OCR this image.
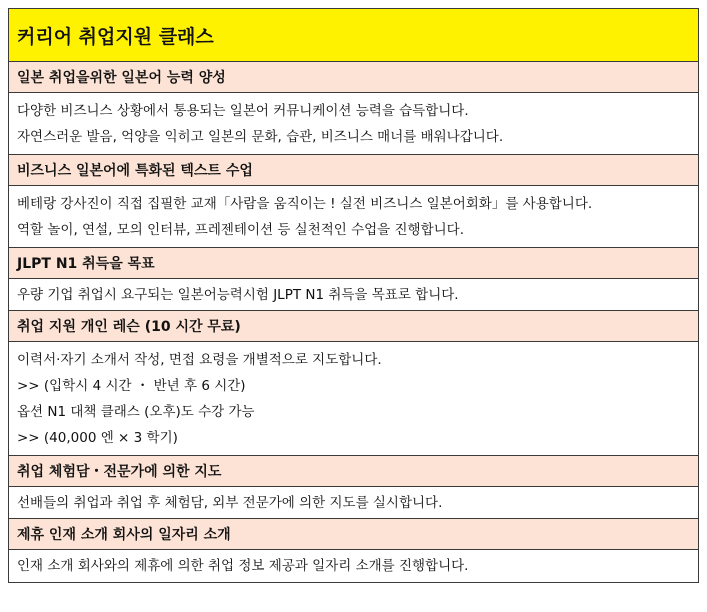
커리어 취업지원 클래스
일본 취업을위한 일본어 능력 양성
다양한 비즈니스 상황에서 통용되는 일본어 커뮤니케이션 능력을 습득합니다.
자연스러운 발음, 억양을 익히고 일본의 문화, 습관, 비즈니스 매너를 배워나갑니다.
비즈니스 일본어에 특화된 텍스트 수업
베테랑 강사진이 직접 집필한 교재「사람을 움직이는 ! 실전 비즈니스 일본어회화」를 사용합니다.
역할 놀이, 연설, 모의 인터뷰, 프레젠테이션 등 실천적인 수업을 진행합니다.
JLPT N1 취득을 목표
우량 기업 취업시 요구되는 일본어능력시험 JLPT N1 취득을 목표로 합니다.
취업 지원 개인 레슨 (10 시간 무료)
이력서·자기 소개서 작성, 면접 요령을 개별적으로 지도합니다.
>> (입학시 4 시간 ・ 반년 후 6 시간)
옵션 N1 대책 클래스 (오후)도 수강 가능
>> (40,000 엔 × 3 학기)
취업 체험담・전문가에 의한 지도
선배들의 취업과 취업 후 체험담, 외부 전문가에 의한 지도를 실시합니다.
제휴 인재 소개 회사의 일자리 소개
인재 소개 회사와의 제휴에 의한 취업 정보 제공과 일자리 소개를 진행합니다.
